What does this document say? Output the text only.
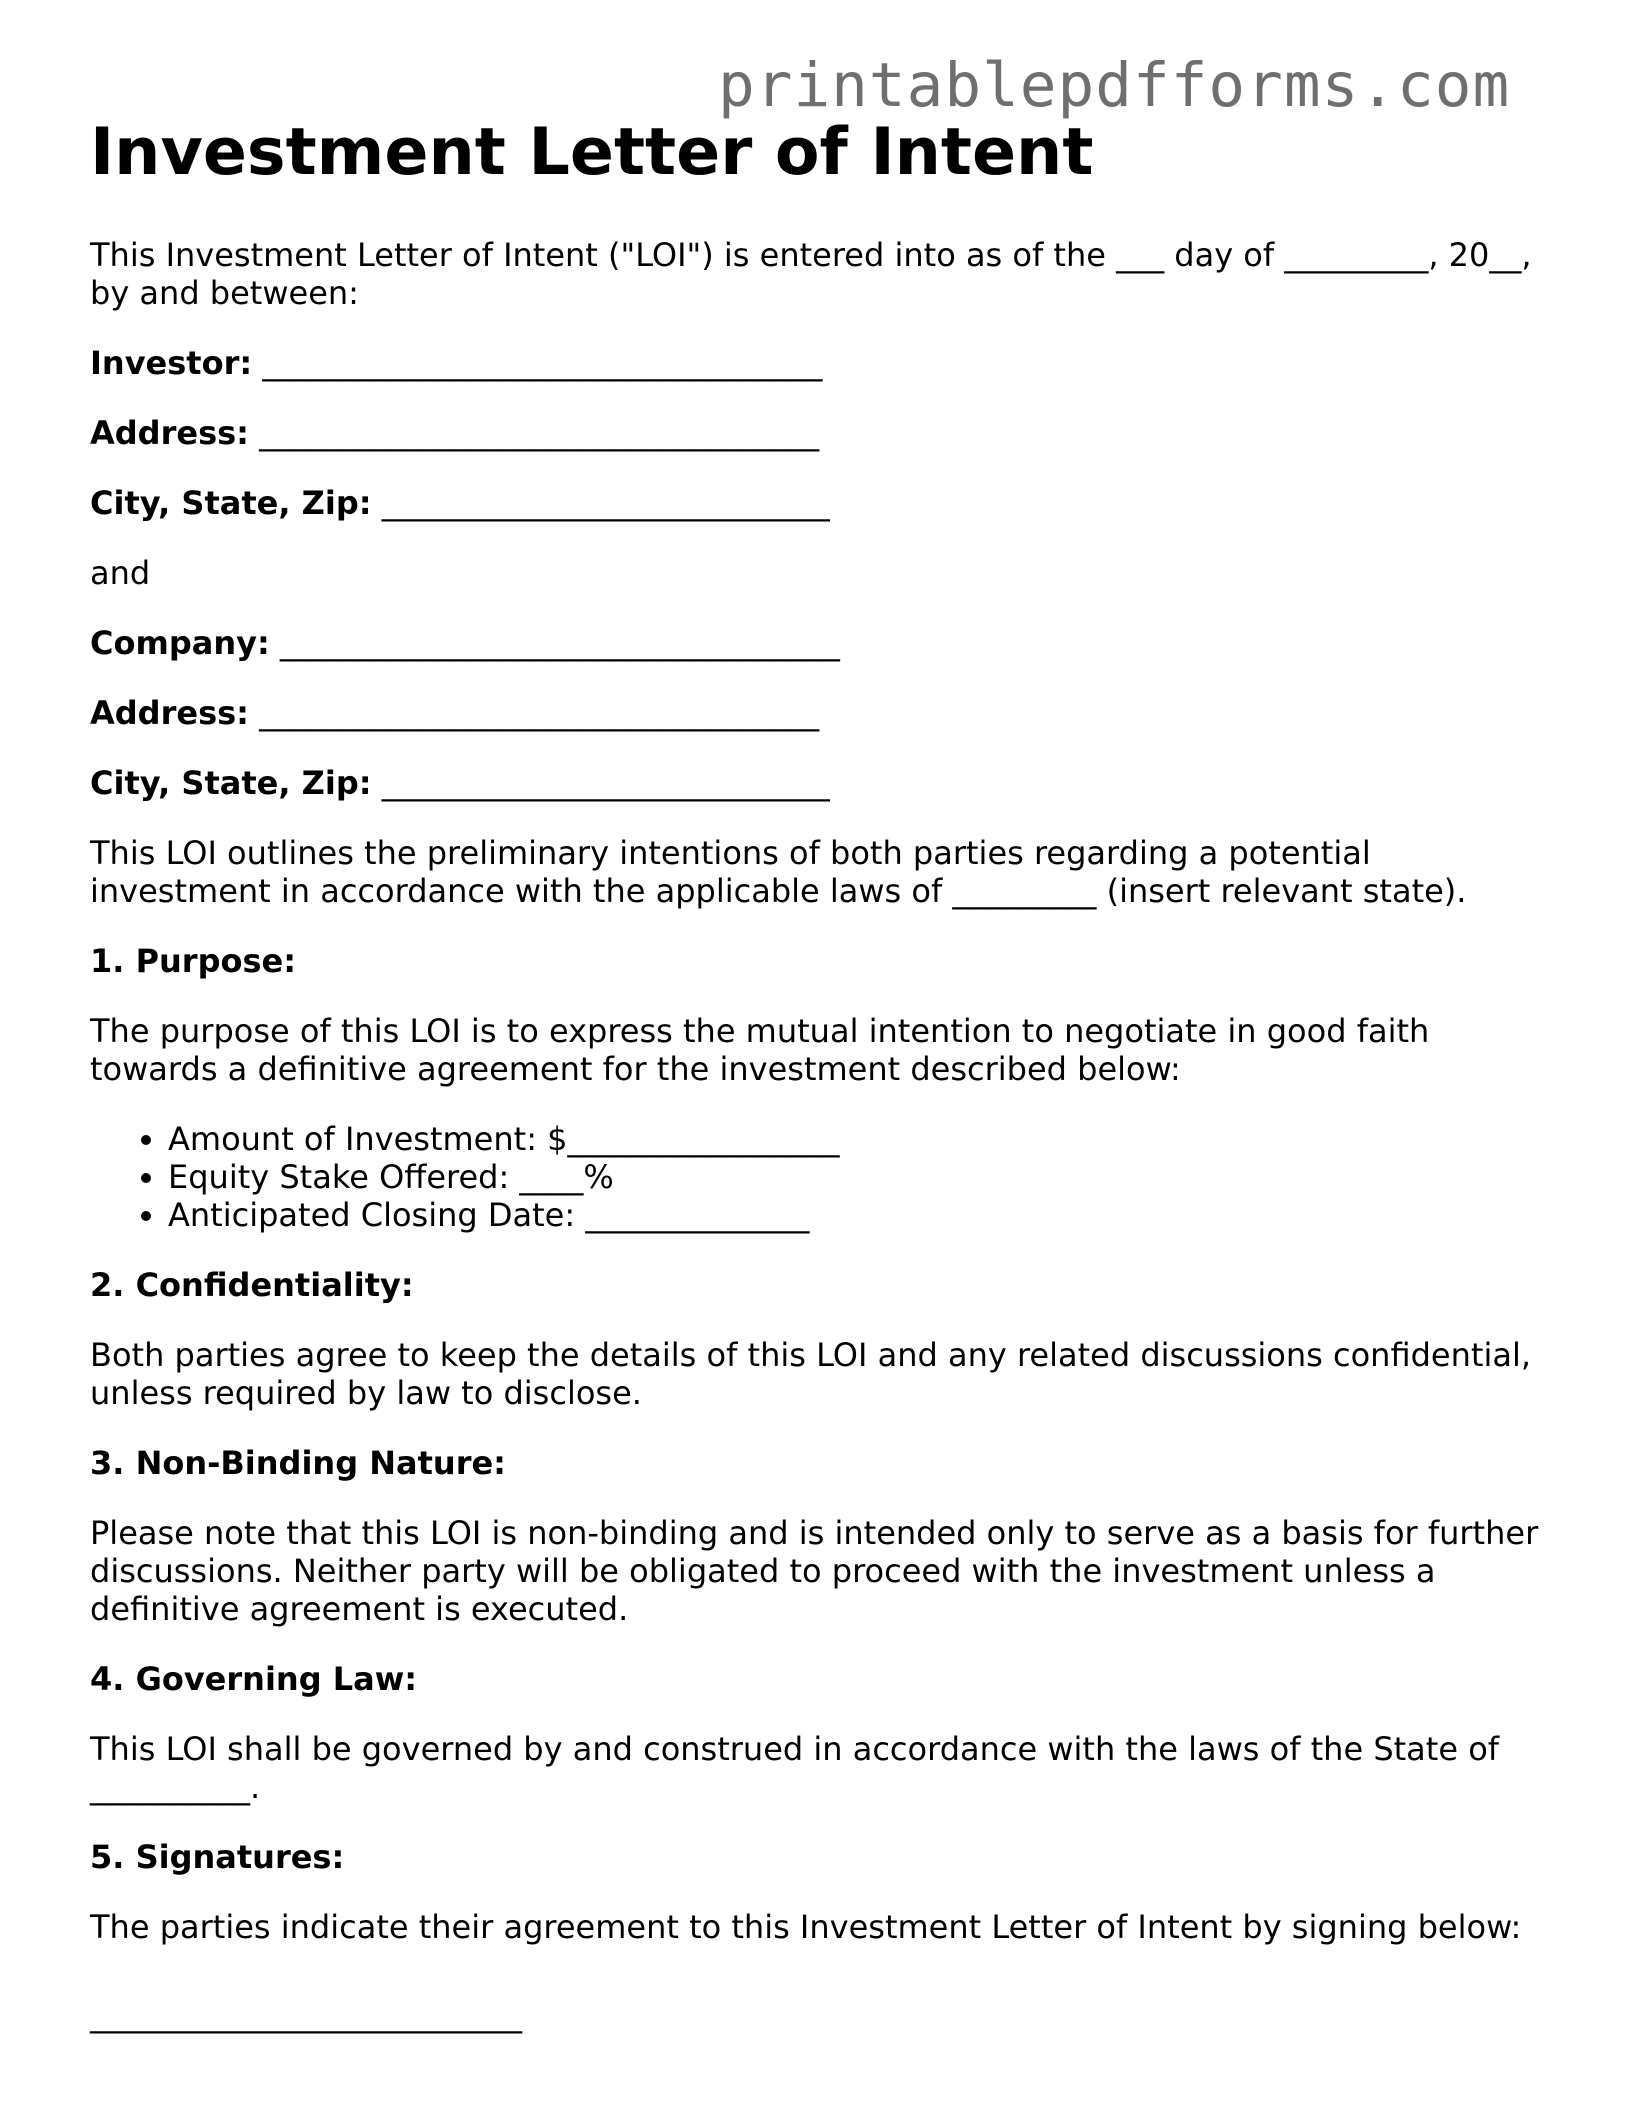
printablepdfforms.com
Investment Letter of Intent

This Investment Letter of Intent ("LOI") is entered into as of the ___ day of _________, 20__, by and between:

Investor: ___________________________________

Address: ___________________________________

City, State, Zip: ____________________________

and

Company: ___________________________________

Address: ___________________________________

City, State, Zip: ____________________________

This LOI outlines the preliminary intentions of both parties regarding a potential investment in accordance with the applicable laws of _________ (insert relevant state).

1. Purpose:

The purpose of this LOI is to express the mutual intention to negotiate in good faith towards a definitive agreement for the investment described below:

• Amount of Investment: $_________________
• Equity Stake Offered: ____%
• Anticipated Closing Date: ______________
2. Confidentiality:

Both parties agree to keep the details of this LOI and any related discussions confidential, unless required by law to disclose.

3. Non-Binding Nature:

Please note that this LOI is non-binding and is intended only to serve as a basis for further discussions. Neither party will be obligated to proceed with the investment unless a definitive agreement is executed.

4. Governing Law:

This LOI shall be governed by and construed in accordance with the laws of the State of __________.

5. Signatures:

The parties indicate their agreement to this Investment Letter of Intent by signing below:

___________________________
